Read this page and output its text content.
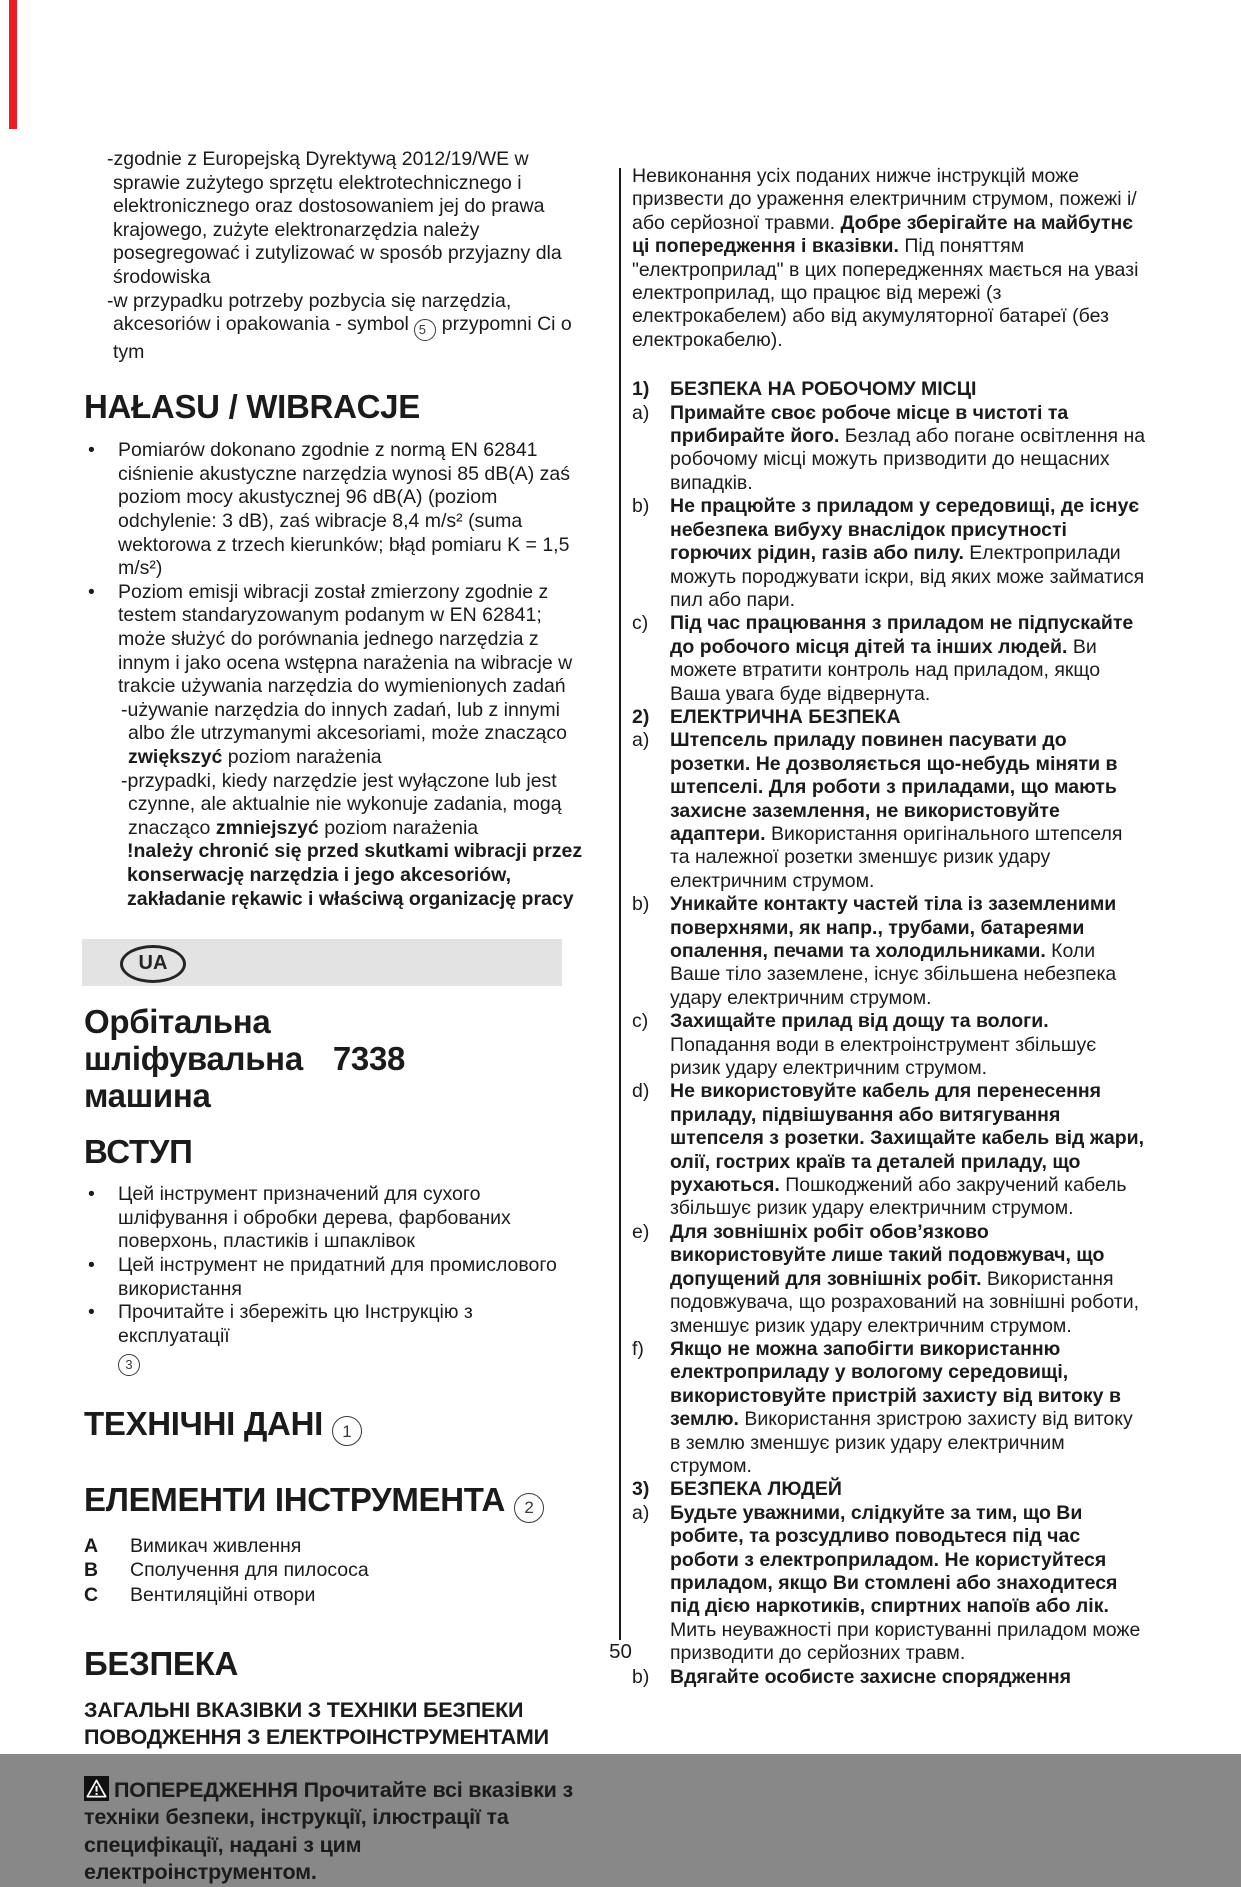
-zgodnie z Europejską Dyrektywą 2012/19/WE w sprawie zużytego sprzętu elektrotechnicznego i elektronicznego oraz dostosowaniem jej do prawa krajowego, zużyte elektronarzędzia należy posegregować i zutylizować w sposób przyjazny dla środowiska

-w przypadku potrzeby pozbycia się narzędzia, akcesoriów i opakowania - symbol 5 przypomni Ci o tym

HAŁASU / WIBRACJE
• Pomiarów dokonano zgodnie z normą EN 62841 ciśnienie akustyczne narzędzia wynosi 85 dB(A) zaś poziom mocy akustycznej 96 dB(A) (poziom odchylenie: 3 dB), zaś wibracje 8,4 m/s² (suma wektorowa z trzech kierunków; błąd pomiaru K = 1,5 m/s²)
• Poziom emisji wibracji został zmierzony zgodnie z testem standaryzowanym podanym w EN 62841; może służyć do porównania jednego narzędzia z innym i jako ocena wstępna narażenia na wibracje w trakcie używania narzędzia do wymienionych zadań

-używanie narzędzia do innych zadań, lub z innymi albo źle utrzymanymi akcesoriami, może znacząco zwiększyć poziom narażenia

-przypadki, kiedy narzędzie jest wyłączone lub jest czynne, ale aktualnie nie wykonuje zadania, mogą znacząco zmniejszyć poziom narażenia

!należy chronić się przed skutkami wibracji przez konserwację narzędzia i jego akcesoriów, zakładanie rękawic i właściwą organizację pracy

UA
Орбітальна шліфувальна 7338
машина
ВСТУП
• Цей інструмент призначений для сухого шліфування і обробки дерева, фарбованих поверхонь, пластиків і шпаклівок
• Цей інструмент не придатний для промислового використання
• Прочитайте і збережіть цю Інструкцію з експлуатації
3
ТЕХНІЧНІ ДАНІ 1
ЕЛЕМЕНТИ ІНСТРУМЕНТА 2
A Вимикач живлення
B Сполучення для пилососа
C Вентиляційні отвори
БЕЗПЕКА
ЗАГАЛЬНІ ВКАЗІВКИ З ТЕХНІКИ БЕЗПЕКИ
ПОВОДЖЕННЯ З ЕЛЕКТРОІНСТРУМЕНТАМИ

ПОПЕРЕДЖЕННЯ Прочитайте всі вказівки з техніки безпеки, інструкції, ілюстрації та специфікації, надані з цим електроінструментом.

Невиконання усіх поданих нижче інструкцій може призвести до ураження електричним струмом, пожежі і/або серйозної травми. Добре зберігайте на майбутнє ці попередження і вказівки. Під поняттям "електроприлад" в цих попередженнях мається на увазі електроприлад, що працює від мережі (з електрокабелем) або від акумуляторної батареї (без електрокабелю).

1) БЕЗПЕКА НА РОБОЧОМУ МІСЦІ
a) Примайте своє робоче місце в чистоті та прибирайте його. Безлад або погане освітлення на робочому місці можуть призводити до нещасних випадків.
b) Не працюйте з приладом у середовищі, де існує небезпека вибуху внаслідок присутності горючих рідин, газів або пилу. Електроприлади можуть породжувати іскри, від яких може займатися пил або пари.
c) Під час працювання з приладом не підпускайте до робочого місця дітей та інших людей. Ви можете втратити контроль над приладом, якщо Ваша увага буде відвернута.
2) ЕЛЕКТРИЧНА БЕЗПЕКА
a) Штепсель приладу повинен пасувати до розетки. Не дозволяється що-небудь міняти в штепселі. Для роботи з приладами, що мають захисне заземлення, не використовуйте адаптери. Використання оригінального штепселя та належної розетки зменшує ризик удару електричним струмом.
b) Уникайте контакту частей тіла із заземленими поверхнями, як напр., трубами, батареями опалення, печами та холодильниками. Коли Ваше тіло заземлене, існує збільшена небезпека удару електричним струмом.
c) Захищайте прилад від дощу та вологи. Попадання води в електроінструмент збільшує ризик удару електричним струмом.
d) Не використовуйте кабель для перенесення приладу, підвішування або витягування штепселя з розетки. Захищайте кабель від жари, олії, гострих країв та деталей приладу, що рухаються. Пошкоджений або закручений кабель збільшує ризик удару електричним струмом.
e) Для зовнішніх робіт обов’язково використовуйте лише такий подовжувач, що допущений для зовнішніх робіт. Використання подовжувача, що розрахований на зовнішні роботи, зменшує ризик удару електричним струмом.
f) Якщо не можна запобігти використанню електроприладу у вологому середовищі, використовуйте пристрій захисту від витоку в землю. Використання зристрою захисту від витоку в землю зменшує ризик удару електричним струмом.
3) БЕЗПЕКА ЛЮДЕЙ
a) Будьте уважними, слідкуйте за тим, що Ви робите, та розсудливо поводьтеся під час роботи з електроприладом. Не користуйтеся приладом, якщо Ви стомлені або знаходитеся під дією наркотиків, спиртних напоїв або лік. Мить неуважності при користуванні приладом може призводити до серйозних травм.
b) Вдягайте особисте захисне спорядження
50
